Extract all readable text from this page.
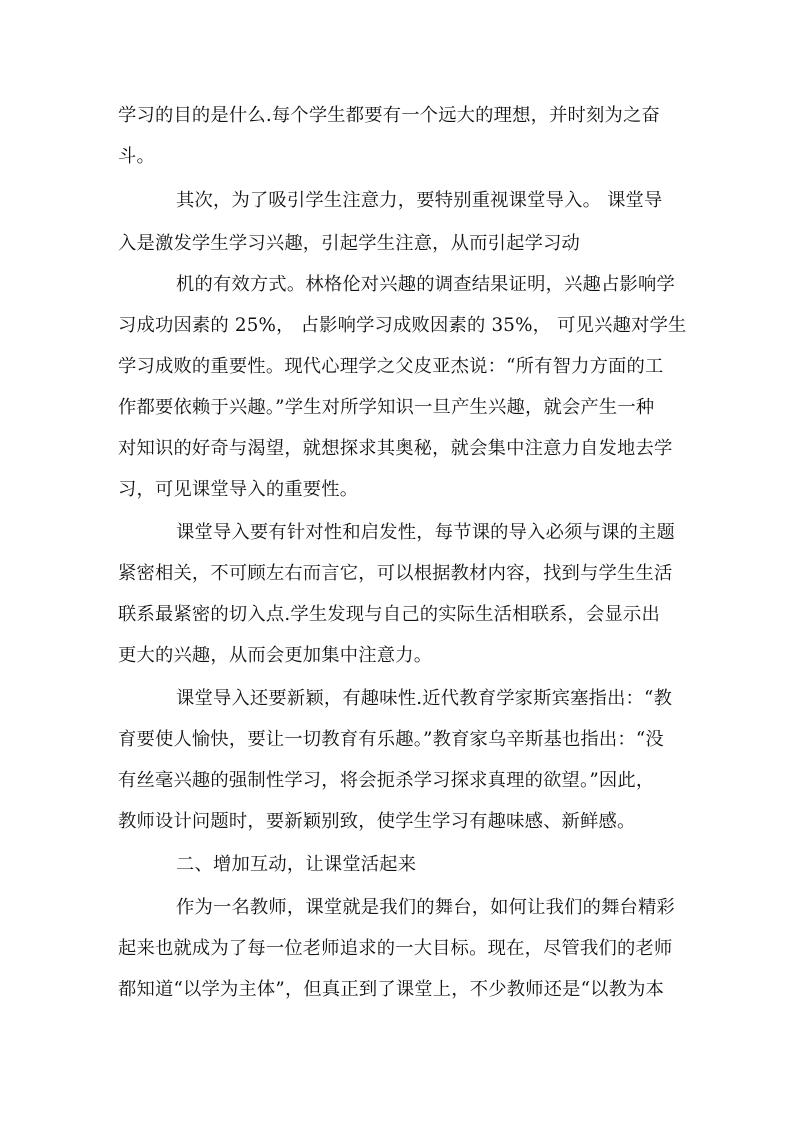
学习的目的是什么.每个学生都要有一个远大的理想，并时刻为之奋
斗。
其次，为了吸引学生注意力，要特别重视课堂导入。 课堂导
入是激发学生学习兴趣，引起学生注意，从而引起学习动
机的有效方式。林格伦对兴趣的调查结果证明，兴趣占影响学
习成功因素的 25%， 占影响学习成败因素的 35%， 可见兴趣对学生
学习成败的重要性。现代心理学之父皮亚杰说：“所有智力方面的工
作都要依赖于兴趣。”学生对所学知识一旦产生兴趣，就会产生一种
对知识的好奇与渴望，就想探求其奥秘，就会集中注意力自发地去学
习，可见课堂导入的重要性。
课堂导入要有针对性和启发性，每节课的导入必须与课的主题
紧密相关，不可顾左右而言它，可以根据教材内容，找到与学生生活
联系最紧密的切入点.学生发现与自己的实际生活相联系，会显示出
更大的兴趣，从而会更加集中注意力。
课堂导入还要新颖，有趣味性.近代教育学家斯宾塞指出：“教
育要使人愉快，要让一切教育有乐趣。”教育家乌辛斯基也指出：“没
有丝毫兴趣的强制性学习，将会扼杀学习探求真理的欲望。”因此，
教师设计问题时，要新颖别致，使学生学习有趣味感、新鲜感。
二、增加互动，让课堂活起来
作为一名教师，课堂就是我们的舞台，如何让我们的舞台精彩
起来也就成为了每一位老师追求的一大目标。现在，尽管我们的老师
都知道“以学为主体”，但真正到了课堂上，不少教师还是“以教为本
